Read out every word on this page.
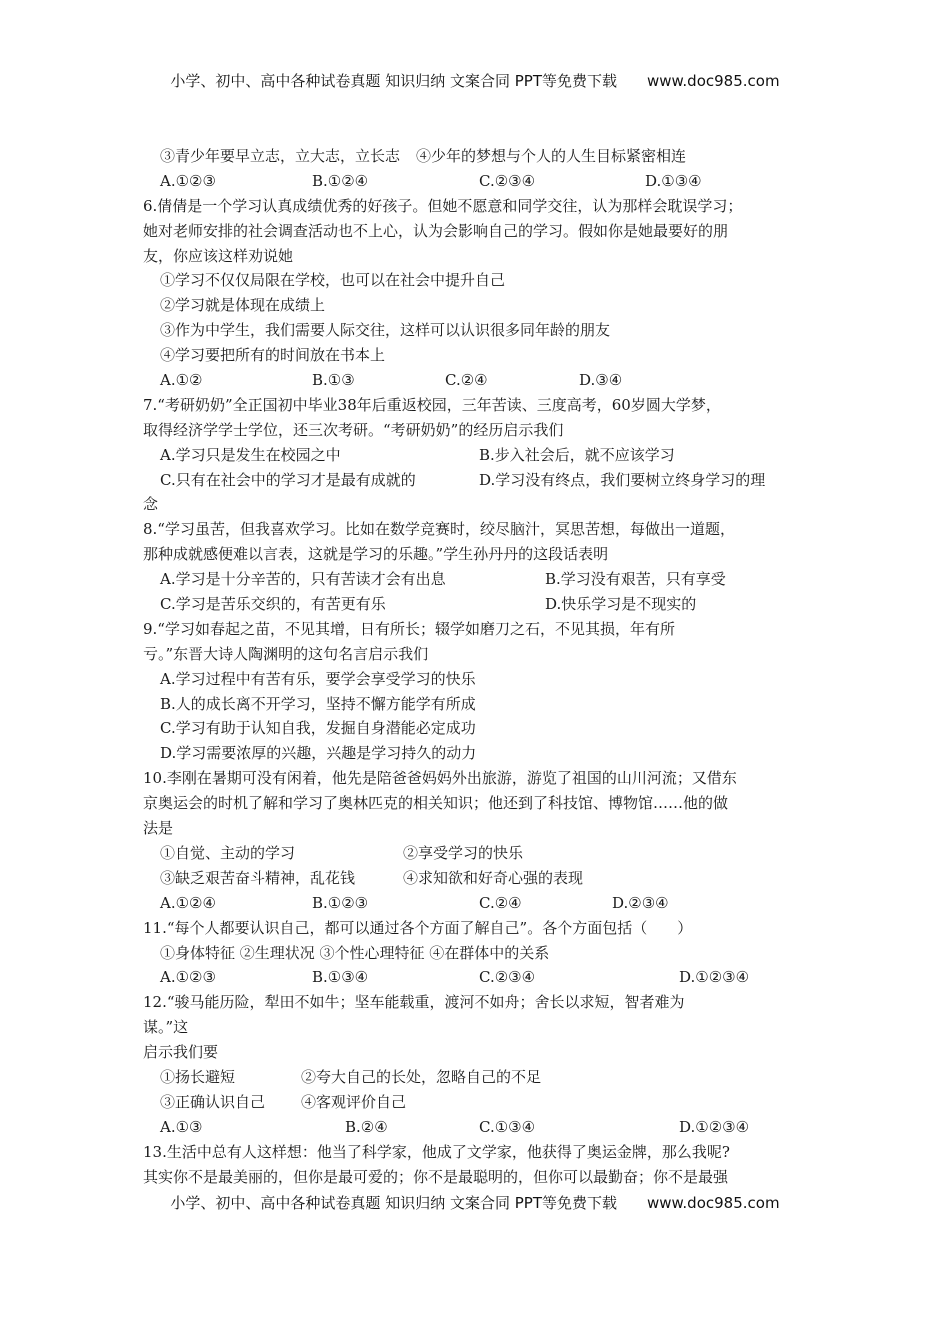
小学、初中、高中各种试卷真题 知识归纳 文案合同 PPT等免费下载 www.doc985.com
③青少年要早立志，立大志，立长志 ④少年的梦想与个人的人生目标紧密相连
A.①②③	B.①②④	C.②③④	D.①③④
6.倩倩是一个学习认真成绩优秀的好孩子。但她不愿意和同学交往，认为那样会耽误学习；
她对老师安排的社会调查活动也不上心，认为会影响自己的学习。假如你是她最要好的朋
友，你应该这样劝说她
①学习不仅仅局限在学校，也可以在社会中提升自己
②学习就是体现在成绩上
③作为中学生，我们需要人际交往，这样可以认识很多同年龄的朋友
④学习要把所有的时间放在书本上
A.①②	B.①③	C.②④	D.③④
7.“考研奶奶”全正国初中毕业38年后重返校园，三年苦读、三度高考，60岁圆大学梦，
取得经济学学士学位，还三次考研。“考研奶奶”的经历启示我们
A.学习只是发生在校园之中	B.步入社会后，就不应该学习
C.只有在社会中的学习才是最有成就的	D.学习没有终点，我们要树立终身学习的理
念
8.“学习虽苦，但我喜欢学习。比如在数学竞赛时，绞尽脑汁，冥思苦想，每做出一道题，
那种成就感便难以言表，这就是学习的乐趣。”学生孙丹丹的这段话表明
A.学习是十分辛苦的，只有苦读才会有出息	B.学习没有艰苦，只有享受
C.学习是苦乐交织的，有苦更有乐	D.快乐学习是不现实的
9.“学习如春起之苗，不见其增，日有所长；辍学如磨刀之石，不见其损，年有所
亏。”东晋大诗人陶渊明的这句名言启示我们
A.学习过程中有苦有乐，要学会享受学习的快乐
B.人的成长离不开学习，坚持不懈方能学有所成
C.学习有助于认知自我，发掘自身潜能必定成功
D.学习需要浓厚的兴趣，兴趣是学习持久的动力
10.李刚在暑期可没有闲着，他先是陪爸爸妈妈外出旅游，游览了祖国的山川河流；又借东
京奥运会的时机了解和学习了奥林匹克的相关知识；他还到了科技馆、博物馆……他的做
法是
①自觉、主动的学习	②享受学习的快乐
③缺乏艰苦奋斗精神，乱花钱	④求知欲和好奇心强的表现
A.①②④	B.①②③	C.②④	D.②③④
11.“每个人都要认识自己，都可以通过各个方面了解自己”。各个方面包括（　　）
①身体特征 ②生理状况 ③个性心理特征 ④在群体中的关系
A.①②③	B.①③④	C.②③④	D.①②③④
12.“骏马能历险，犁田不如牛；坚车能载重，渡河不如舟；舍长以求短，智者难为
谋。”这
启示我们要
①扬长避短	②夸大自己的长处，忽略自己的不足
③正确认识自己 ④客观评价自己
A.①③	B.②④	C.①③④	D.①②③④
13.生活中总有人这样想：他当了科学家，他成了文学家，他获得了奥运金牌，那么我呢?
其实你不是最美丽的，但你是最可爱的；你不是最聪明的，但你可以最勤奋；你不是最强
小学、初中、高中各种试卷真题 知识归纳 文案合同 PPT等免费下载 www.doc985.com
